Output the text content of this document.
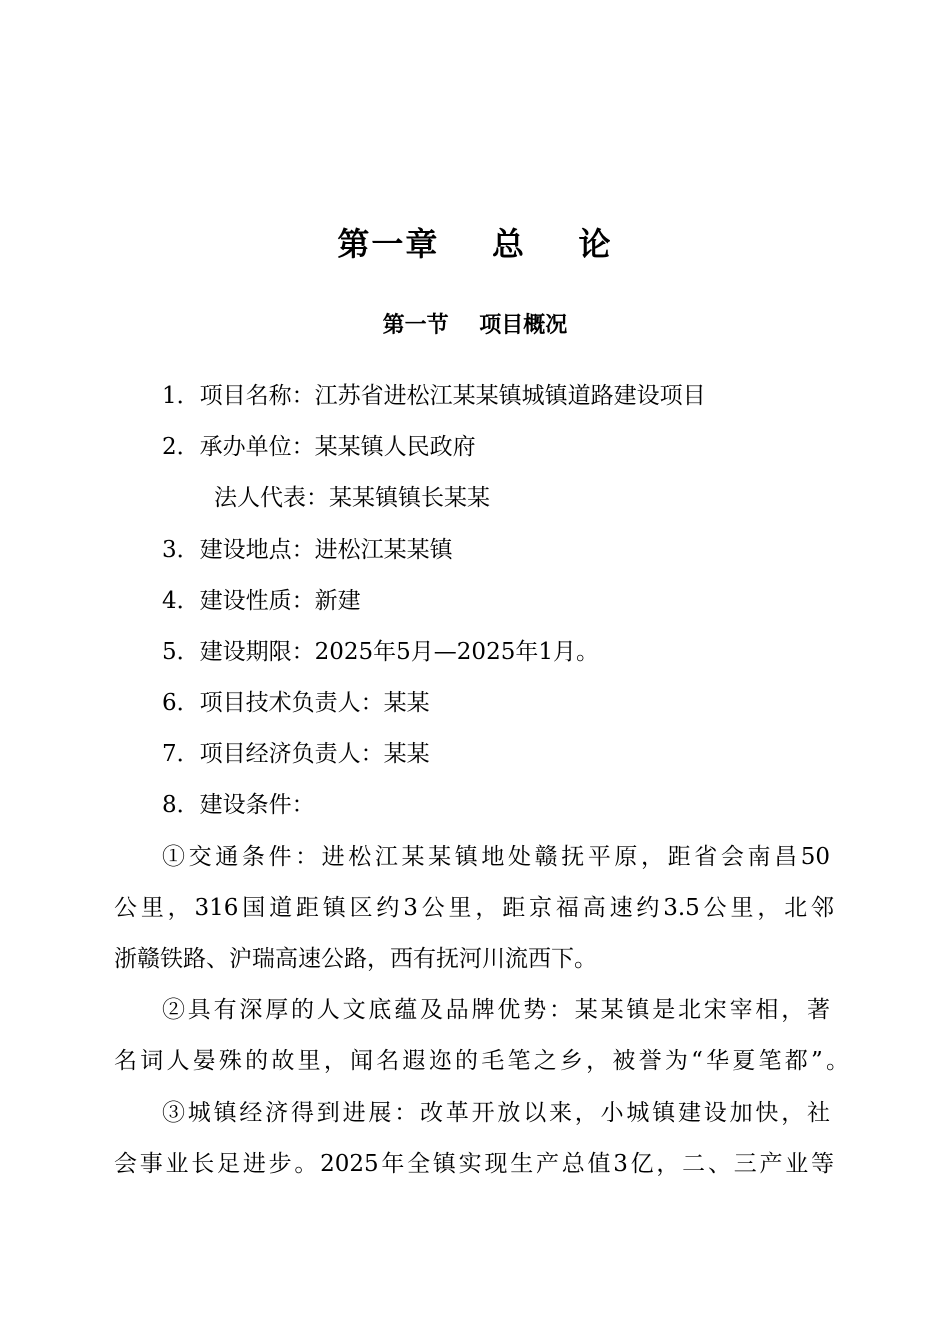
第一章    总    论
第一节    项目概况
1．项目名称：江苏省进松江某某镇城镇道路建设项目
2．承办单位：某某镇人民政府
法人代表：某某镇镇长某某
3．建设地点：进松江某某镇
4．建设性质：新建
5．建设期限：2025年5月—2025年1月。
6．项目技术负责人：某某
7．项目经济负责人：某某
8．建设条件：
①交通条件：进松江某某镇地处赣抚平原，距省会南昌50
公里，316国道距镇区约3公里，距京福高速约3.5公里，北邻
浙赣铁路、沪瑞高速公路，西有抚河川流西下。
②具有深厚的人文底蕴及品牌优势：某某镇是北宋宰相，著
名词人晏殊的故里，闻名遐迩的毛笔之乡，被誉为“华夏笔都”。
③城镇经济得到进展：改革开放以来，小城镇建设加快，社
会事业长足进步。2025年全镇实现生产总值3亿，二、三产业等
